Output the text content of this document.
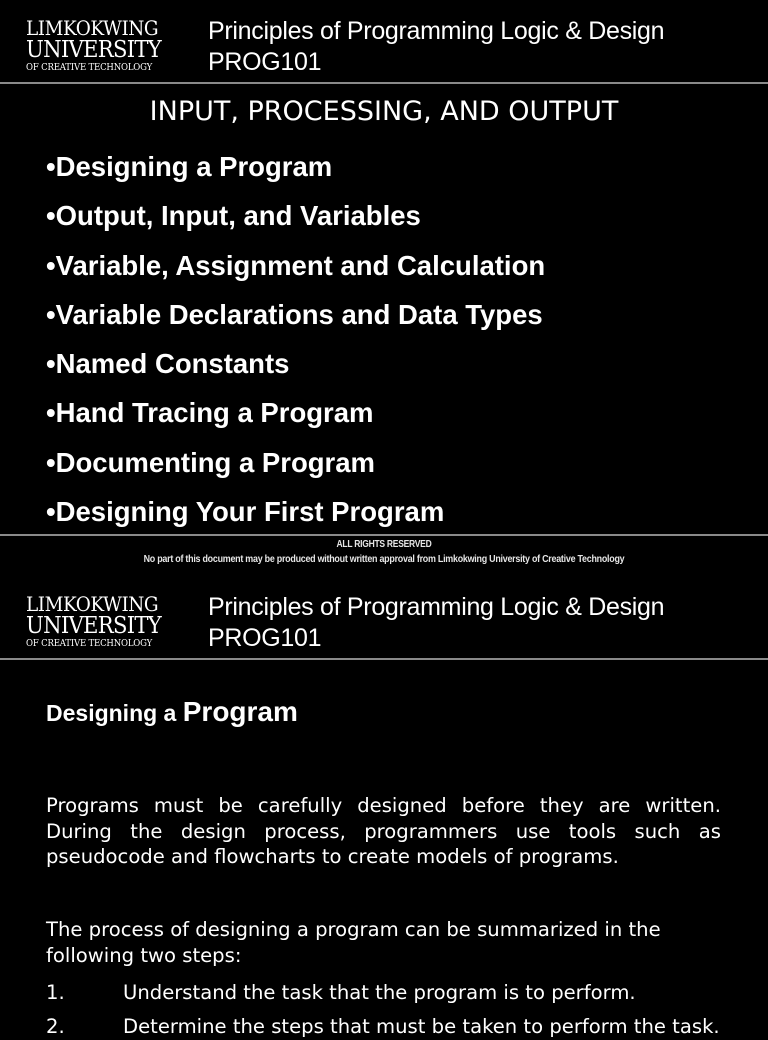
LIMKOKWING
UNIVERSITY
OF CREATIVE TECHNOLOGY
Principles of Programming Logic & Design
PROG101
INPUT, PROCESSING, AND OUTPUT
•Designing a Program
•Output, Input, and Variables
•Variable, Assignment and Calculation
•Variable Declarations and Data Types
•Named Constants
•Hand Tracing a Program
•Documenting a Program
•Designing Your First Program
ALL RIGHTS RESERVED
No part of this document may be produced without written approval from Limkokwing University of Creative Technology
LIMKOKWING
UNIVERSITY
OF CREATIVE TECHNOLOGY
Principles of Programming Logic & Design
PROG101
Designing a Program

Programs must be carefully designed before they are written. During the design process, programmers use tools such as pseudocode and flowcharts to create models of programs.

The process of designing a program can be summarized in the following two steps:

1.	Understand the task that the program is to perform.
2.	Determine the steps that must be taken to perform the task.
